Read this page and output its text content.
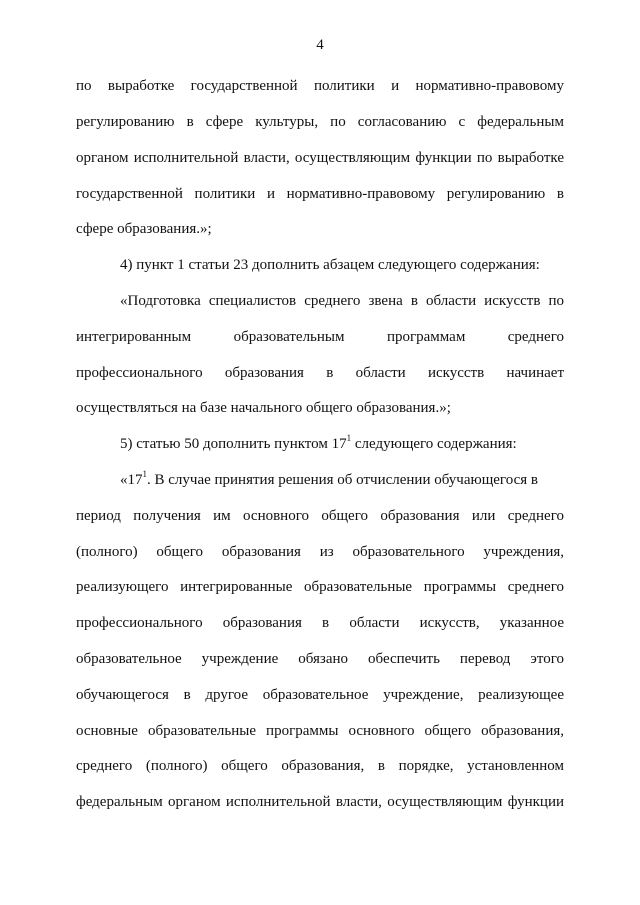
4
по выработке государственной политики и нормативно-правовому
регулированию в сфере культуры, по согласованию с федеральным
органом исполнительной власти, осуществляющим функции по выработке
государственной политики и нормативно-правовому регулированию в
сфере образования.»;
4) пункт 1 статьи 23 дополнить абзацем следующего содержания:
«Подготовка специалистов среднего звена в области искусств по
интегрированным образовательным программам среднего
профессионального образования в области искусств начинает
осуществляться на базе начального общего образования.»;
5) статью 50 дополнить пунктом $17^1$ следующего содержания:
«$17^1$. В случае принятия решения об отчислении обучающегося в
период получения им основного общего образования или среднего
(полного) общего образования из образовательного учреждения,
реализующего интегрированные образовательные программы среднего
профессионального образования в области искусств, указанное
образовательное учреждение обязано обеспечить перевод этого
обучающегося в другое образовательное учреждение, реализующее
основные образовательные программы основного общего образования,
среднего (полного) общего образования, в порядке, установленном
федеральным органом исполнительной власти, осуществляющим функции
